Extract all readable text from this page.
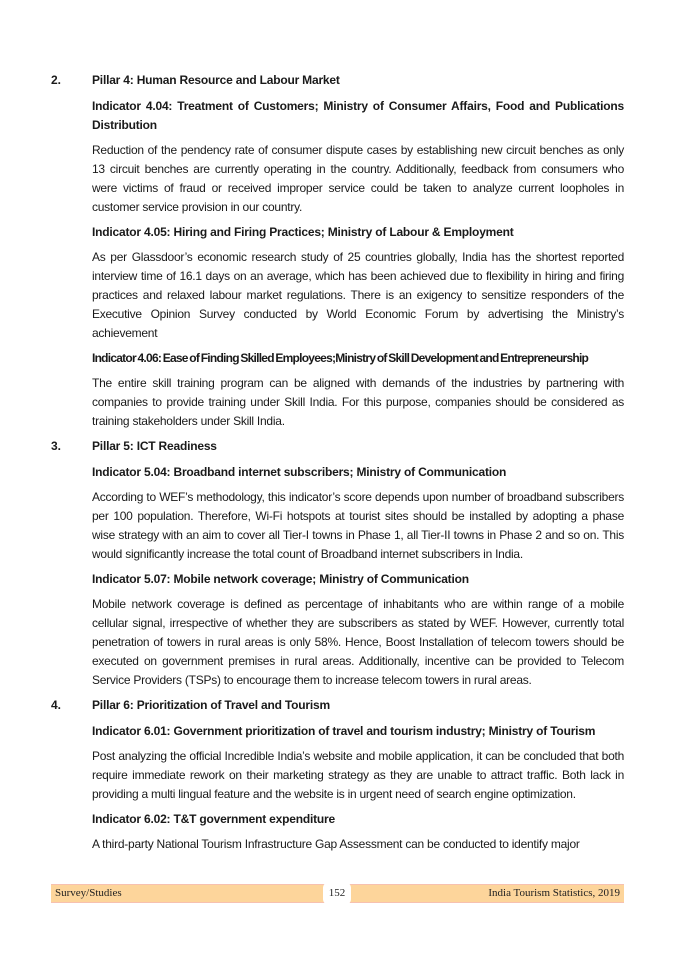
2.	Pillar 4: Human Resource and Labour Market

Indicator 4.04: Treatment of Customers; Ministry of Consumer Affairs, Food and Publications Distribution

Reduction of the pendency rate of consumer dispute cases by establishing new circuit benches as only 13 circuit benches are currently operating in the country. Additionally, feedback from consumers who were victims of fraud or received improper service could be taken to analyze current loopholes in customer service provision in our country.

Indicator 4.05: Hiring and Firing Practices; Ministry of Labour & Employment

As per Glassdoor’s economic research study of 25 countries globally, India has the shortest reported interview time of 16.1 days on an average, which has been achieved due to flexibility in hiring and firing practices and relaxed labour market regulations. There is an exigency to sensitize responders of the Executive Opinion Survey conducted by World Economic Forum by advertising the Ministry’s achievement

Indicator 4.06: Ease of Finding Skilled Employees;Ministry of Skill Development and Entrepreneurship

The entire skill training program can be aligned with demands of the industries by partnering with companies to provide training under Skill India. For this purpose, companies should be considered as training stakeholders under Skill India.

3.	Pillar 5: ICT Readiness

Indicator 5.04: Broadband internet subscribers; Ministry of Communication

According to WEF’s methodology, this indicator’s score depends upon number of broadband subscribers per 100 population. Therefore, Wi-Fi hotspots at tourist sites should be installed by adopting a phase wise strategy with an aim to cover all Tier-I towns in Phase 1, all Tier-II towns in Phase 2 and so on. This would significantly increase the total count of Broadband internet subscribers in India.

Indicator 5.07: Mobile network coverage; Ministry of Communication

Mobile network coverage is defined as percentage of inhabitants who are within range of a mobile cellular signal, irrespective of whether they are subscribers as stated by WEF. However, currently total penetration of towers in rural areas is only 58%. Hence, Boost Installation of telecom towers should be executed on government premises in rural areas. Additionally, incentive can be provided to Telecom Service Providers (TSPs) to encourage them to increase telecom towers in rural areas.

4.	Pillar 6: Prioritization of Travel and Tourism

Indicator 6.01: Government prioritization of travel and tourism industry; Ministry of Tourism

Post analyzing the official Incredible India’s website and mobile application, it can be concluded that both require immediate rework on their marketing strategy as they are unable to attract traffic. Both lack in providing a multi lingual feature and the website is in urgent need of search engine optimization.

Indicator 6.02: T&T government expenditure

A third-party National Tourism Infrastructure Gap Assessment can be conducted to identify major

Survey/Studies	152	India Tourism Statistics, 2019
